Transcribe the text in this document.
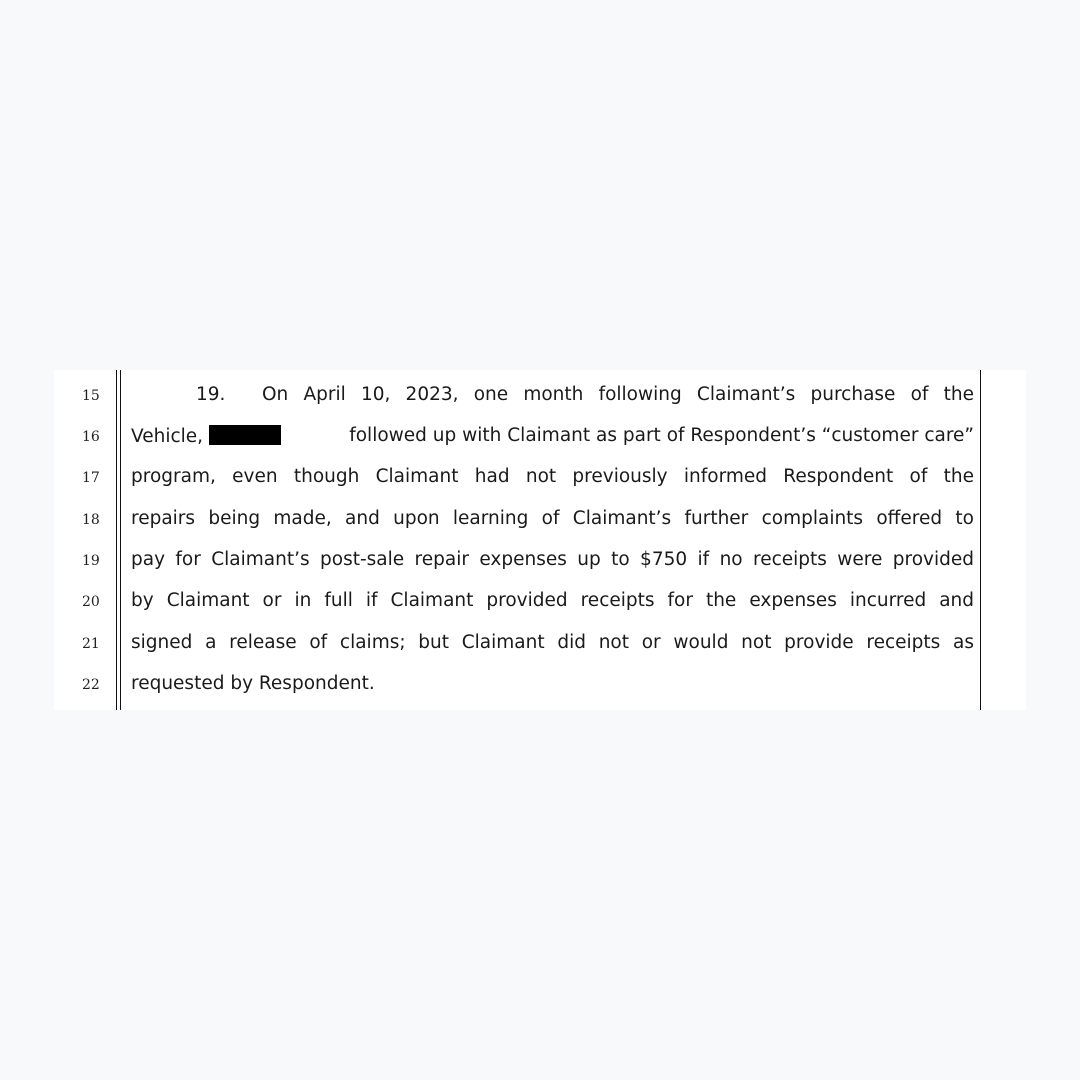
15	19. On April 10, 2023, one month following Claimant’s purchase of the
16	Vehicle,	followed up with Claimant as part of Respondent’s “customer care”
17	program, even though Claimant had not previously informed Respondent of the
18	repairs being made, and upon learning of Claimant’s further complaints offered to
19	pay for Claimant’s post-sale repair expenses up to $750 if no receipts were provided
20	by Claimant or in full if Claimant provided receipts for the expenses incurred and
21	signed a release of claims; but Claimant did not or would not provide receipts as
22	requested by Respondent.
